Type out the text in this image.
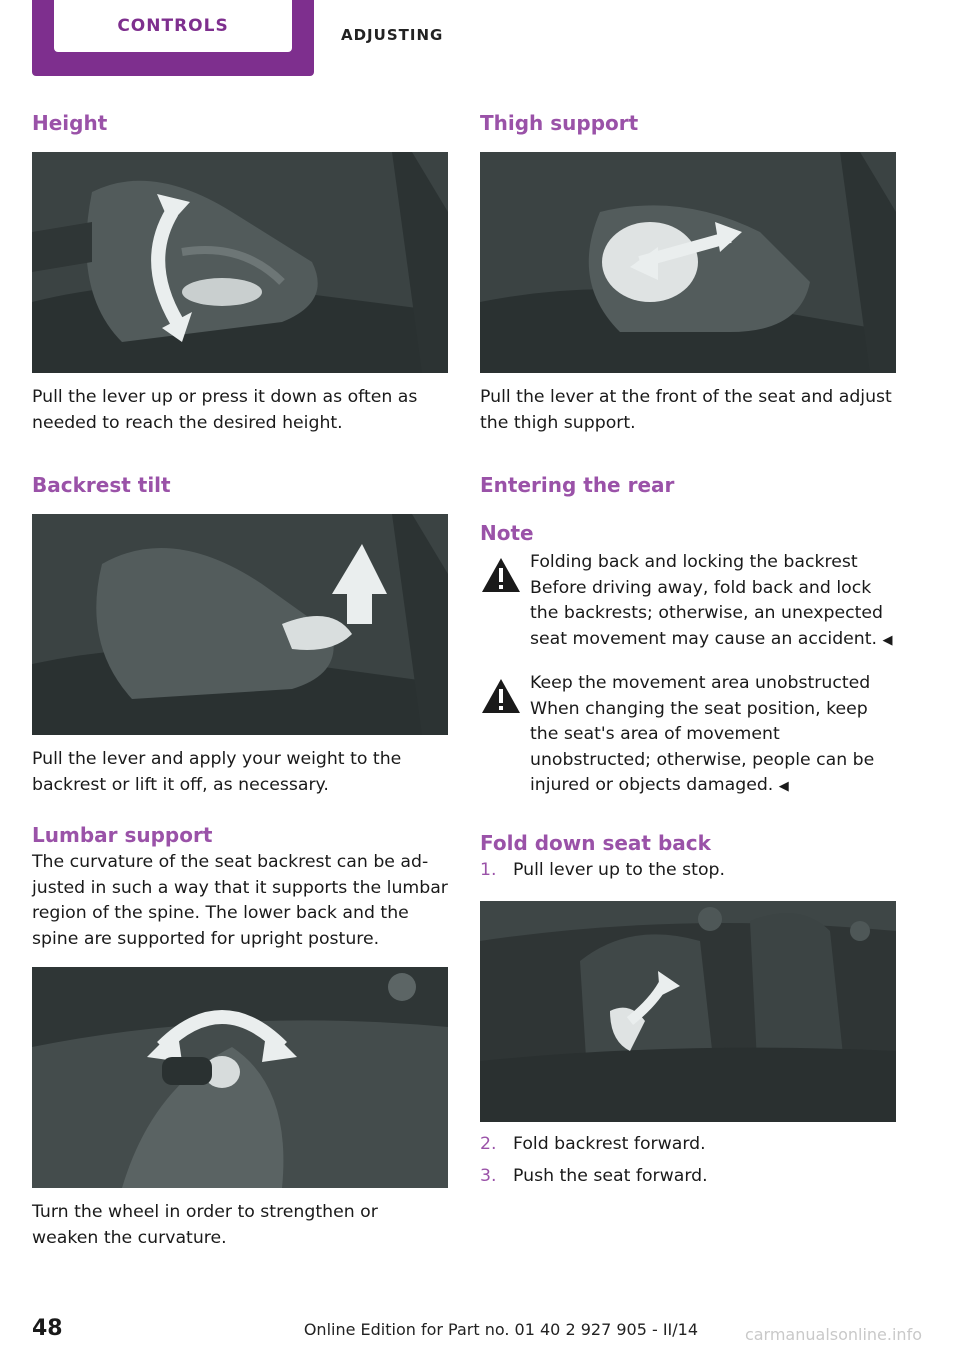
CONTROLS	ADJUSTING
Height

Pull the lever up or press it down as often as needed to reach the desired height.

Backrest tilt

Pull the lever and apply your weight to the backrest or lift it off, as necessary.

Lumbar support

The curvature of the seat backrest can be ad‐justed in such a way that it supports the lumbar region of the spine. The lower back and the spine are supported for upright posture.

Turn the wheel in order to strengthen or weaken the curvature.

Thigh support

Pull the lever at the front of the seat and adjust the thigh support.

Entering the rear
Note

Folding back and locking the backrest

Before driving away, fold back and lock the backrests; otherwise, an unexpected seat movement may cause an accident. ◀

Keep the movement area unobstructed

When changing the seat position, keep the seat's area of movement unobstructed; otherwise, people can be injured or objects damaged. ◀

Fold down seat back
1. Pull lever up to the stop.
2. Fold backrest forward.
3. Push the seat forward.
48	Online Edition for Part no. 01 40 2 927 905 - II/14	carmanualsonline.info
